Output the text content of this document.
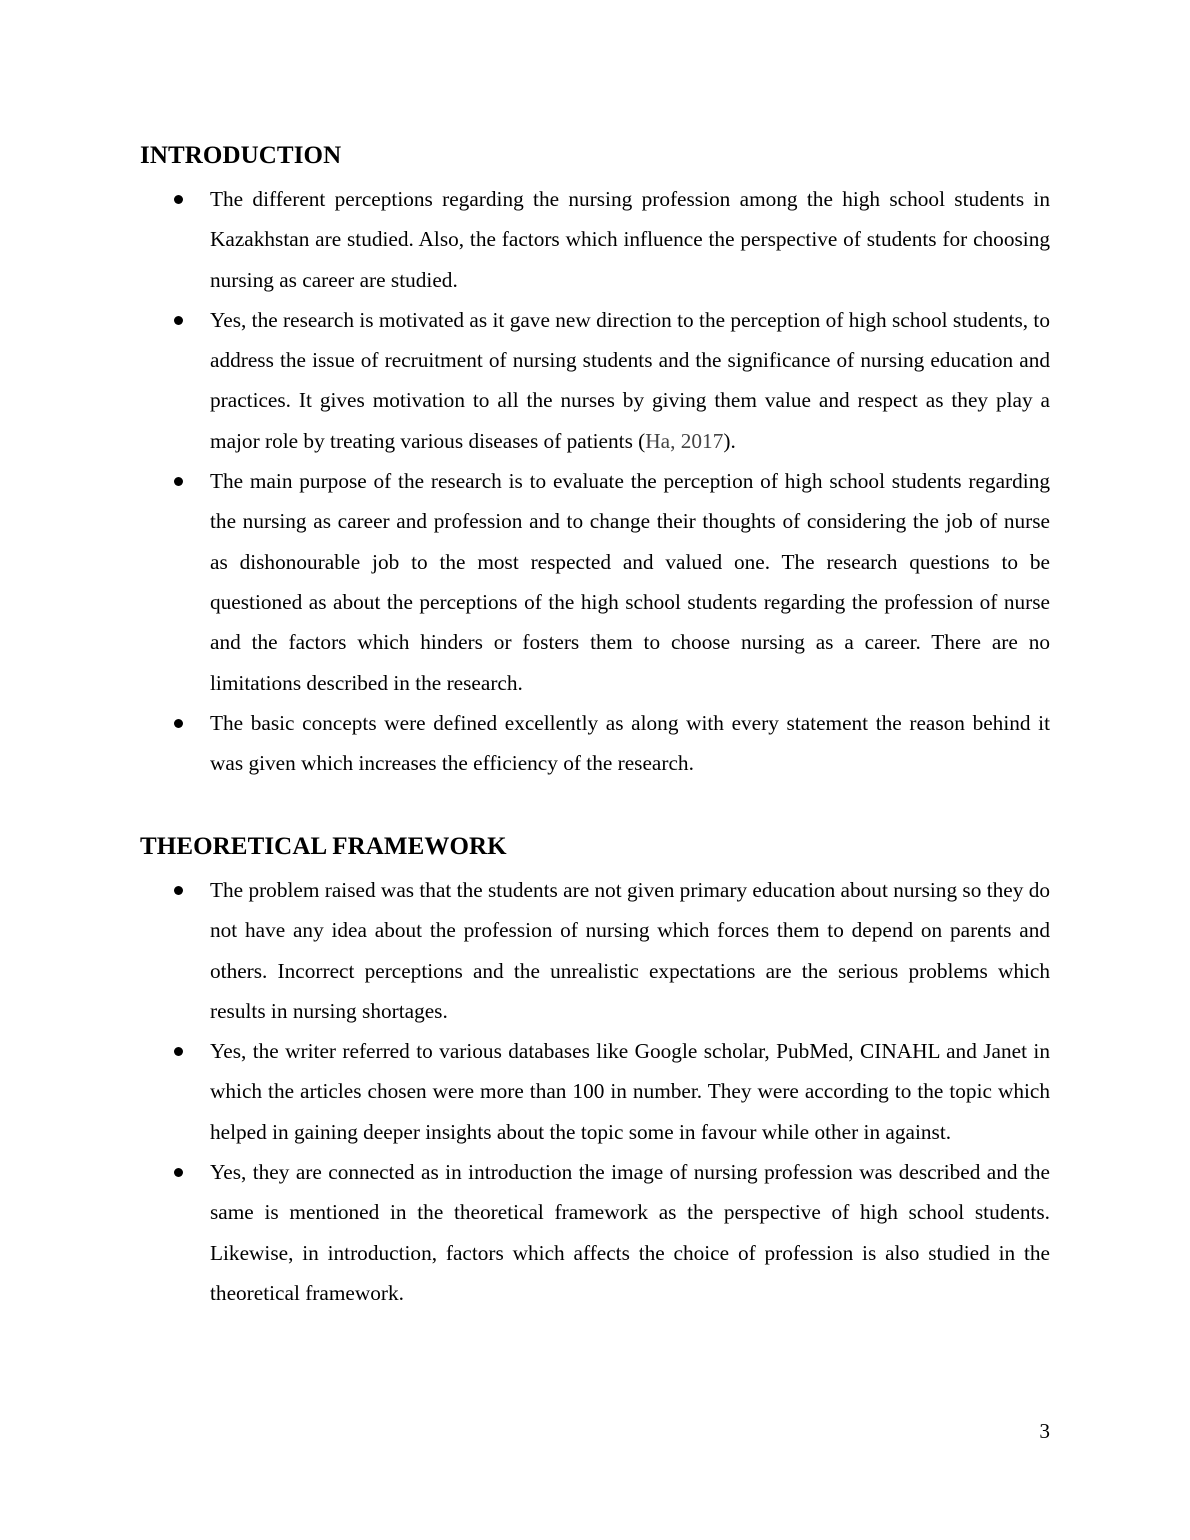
INTRODUCTION
The different perceptions regarding the nursing profession among the high school students in Kazakhstan are studied. Also, the factors which influence the perspective of students for choosing nursing as career are studied.
Yes, the research is motivated as it gave new direction to the perception of high school students, to address the issue of recruitment of nursing students and the significance of nursing education and practices. It gives motivation to all the nurses by giving them value and respect as they play a major role by treating various diseases of patients (Ha, 2017).
The main purpose of the research is to evaluate the perception of high school students regarding the nursing as career and profession and to change their thoughts of considering the job of nurse as dishonourable job to the most respected and valued one. The research questions to be questioned as about the perceptions of the high school students regarding the profession of nurse and the factors which hinders or fosters them to choose nursing as a career. There are no limitations described in the research.
The basic concepts were defined excellently as along with every statement the reason behind it was given which increases the efficiency of the research.
THEORETICAL FRAMEWORK
The problem raised was that the students are not given primary education about nursing so they do not have any idea about the profession of nursing which forces them to depend on parents and others. Incorrect perceptions and the unrealistic expectations are the serious problems which results in nursing shortages.
Yes, the writer referred to various databases like Google scholar, PubMed, CINAHL and Janet in which the articles chosen were more than 100 in number. They were according to the topic which helped in gaining deeper insights about the topic some in favour while other in against.
Yes, they are connected as in introduction the image of nursing profession was described and the same is mentioned in the theoretical framework as the perspective of high school students. Likewise, in introduction, factors which affects the choice of profession is also studied in the theoretical framework.
3
